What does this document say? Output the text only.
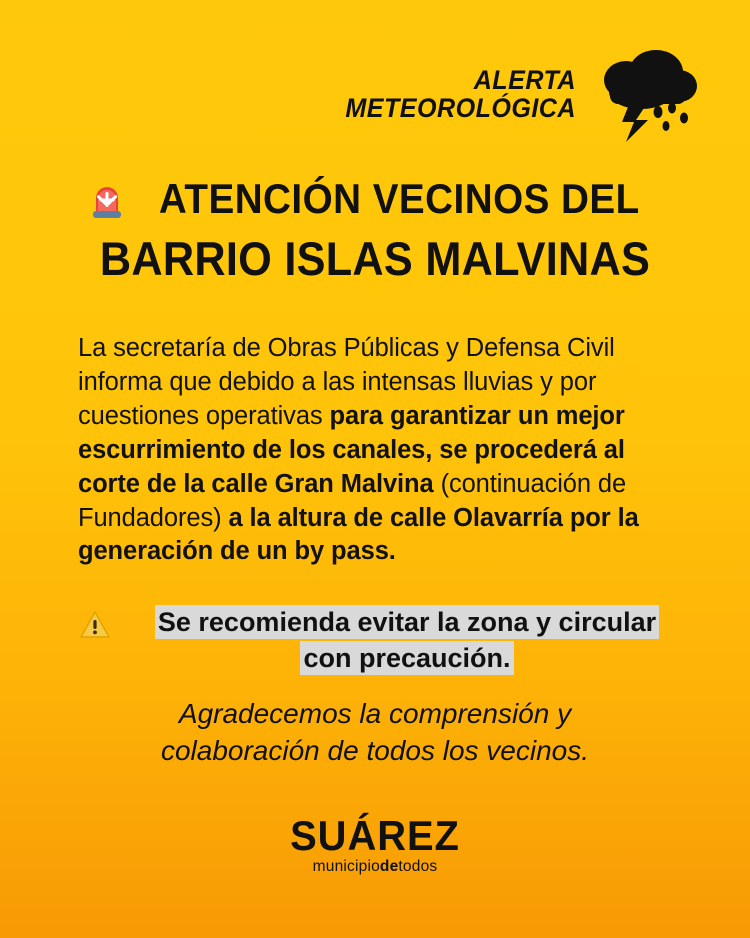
ALERTA
METEOROLÓGICA
ATENCIÓN VECINOS DEL
BARRIO ISLAS MALVINAS
La secretaría de Obras Públicas y Defensa Civil informa que debido a las intensas lluvias y por cuestiones operativas para garantizar un mejor escurrimiento de los canales, se procederá al corte de la calle Gran Malvina (continuación de Fundadores) a la altura de calle Olavarría por la generación de un by pass.
Se recomienda evitar la zona y circular
con precaución.
Agradecemos la comprensión y
colaboración de todos los vecinos.
SUÁREZ
municipiodetodos
